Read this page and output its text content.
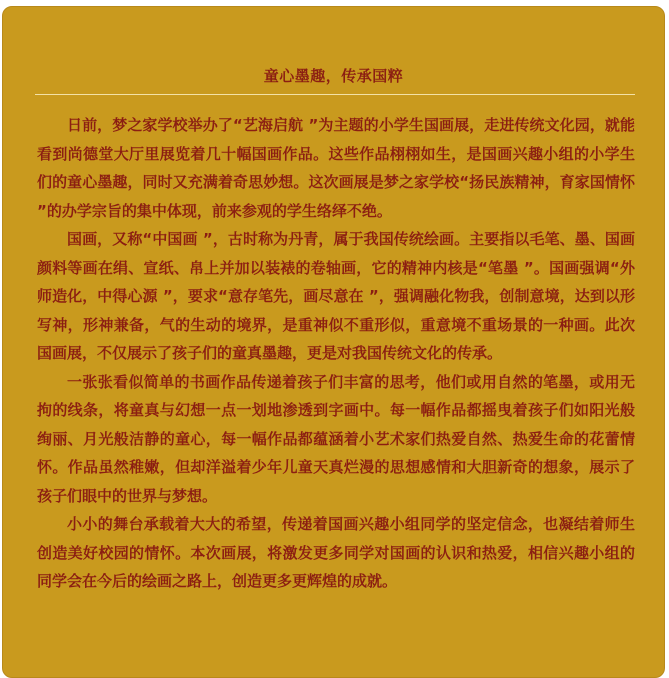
童心墨趣，传承国粹

日前，梦之家学校举办了“艺海启航 ”为主题的小学生国画展，走进传统文化园，就能看到尚德堂大厅里展览着几十幅国画作品。这些作品栩栩如生，是国画兴趣小组的小学生们的童心墨趣，同时又充满着奇思妙想。这次画展是梦之家学校“扬民族精神，育家国情怀 ”的办学宗旨的集中体现，前来参观的学生络绎不绝。

国画，又称“中国画 ”，古时称为丹青，属于我国传统绘画。主要指以毛笔、墨、国画颜料等画在绢、宣纸、帛上并加以装裱的卷轴画，它的精神内核是“笔墨 ”。国画强调“外师造化，中得心源 ”，要求“意存笔先，画尽意在 ”，强调融化物我，创制意境，达到以形写神，形神兼备，气的生动的境界，是重神似不重形似，重意境不重场景的一种画。此次国画展，不仅展示了孩子们的童真墨趣，更是对我国传统文化的传承。

一张张看似简单的书画作品传递着孩子们丰富的思考，他们或用自然的笔墨，或用无拘的线条，将童真与幻想一点一划地渗透到字画中。每一幅作品都摇曳着孩子们如阳光般绚丽、月光般洁静的童心，每一幅作品都蕴涵着小艺术家们热爱自然、热爱生命的花蕾情怀。作品虽然稚嫩，但却洋溢着少年儿童天真烂漫的思想感情和大胆新奇的想象，展示了孩子们眼中的世界与梦想。

小小的舞台承载着大大的希望，传递着国画兴趣小组同学的坚定信念，也凝结着师生创造美好校园的情怀。本次画展，将激发更多同学对国画的认识和热爱，相信兴趣小组的同学会在今后的绘画之路上，创造更多更辉煌的成就。
